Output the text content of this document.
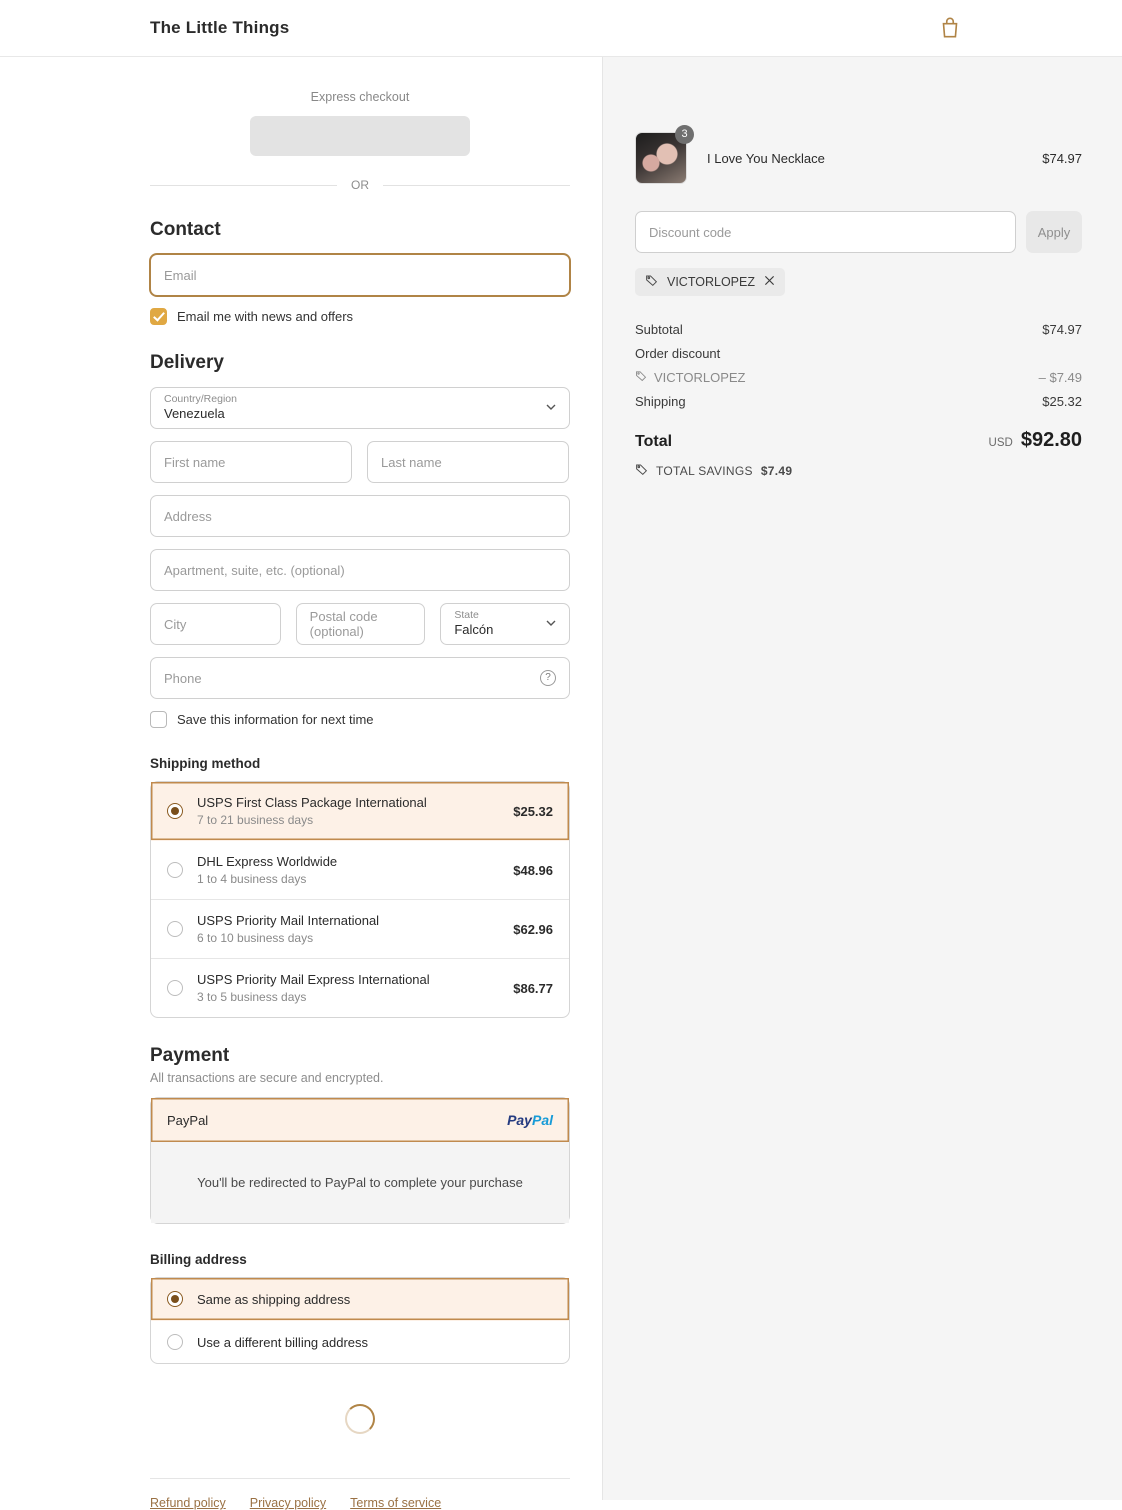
The Little Things
Express checkout
OR
Contact
Email
Email me with news and offers
Delivery
Country/Region
Venezuela
First name	Last name
Address
Apartment, suite, etc. (optional)
City	Postal code (optional)
State
Falcón
Phone	?
Save this information for next time
Shipping method
USPS First Class Package International
7 to 21 business days
$25.32
DHL Express Worldwide
1 to 4 business days
$48.96
USPS Priority Mail International
6 to 10 business days
$62.96
USPS Priority Mail Express International
3 to 5 business days
$86.77
Payment
All transactions are secure and encrypted.
PayPal	PayPal
You'll be redirected to PayPal to complete your purchase
Billing address
Same as shipping address
Use a different billing address
Refund policy Privacy policy Terms of service
3
I Love You Necklace	$74.97
Discount code	Apply
VICTORLOPEZ
Subtotal	$74.97
Order discount
VICTORLOPEZ	– $7.49
Shipping	$25.32
Total	USD $92.80
TOTAL SAVINGS $7.49
